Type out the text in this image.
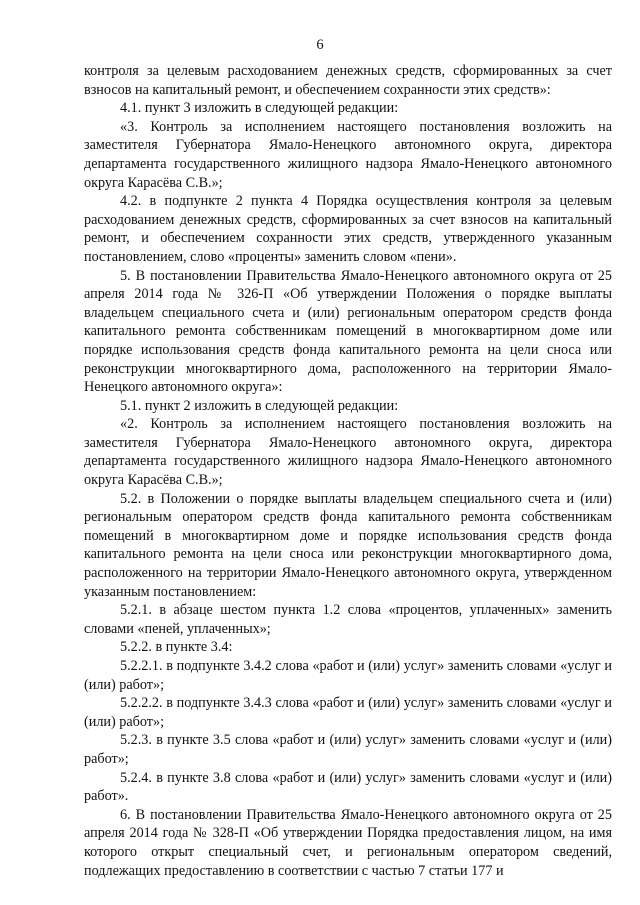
6

контроля за целевым расходованием денежных средств, сформированных за счет взносов на капитальный ремонт, и обеспечением сохранности этих средств»:

4.1. пункт 3 изложить в следующей редакции:

«3. Контроль за исполнением настоящего постановления возложить на заместителя Губернатора Ямало-Ненецкого автономного округа, директора департамента государственного жилищного надзора Ямало-Ненецкого автономного округа Карасёва С.В.»;

4.2. в подпункте 2 пункта 4 Порядка осуществления контроля за целевым расходованием денежных средств, сформированных за счет взносов на капитальный ремонт, и обеспечением сохранности этих средств, утвержденного указанным постановлением, слово «проценты» заменить словом «пени».

5. В постановлении Правительства Ямало-Ненецкого автономного округа от 25 апреля 2014 года № 326-П «Об утверждении Положения о порядке выплаты владельцем специального счета и (или) региональным оператором средств фонда капитального ремонта собственникам помещений в многоквартирном доме или порядке использования средств фонда капитального ремонта на цели сноса или реконструкции многоквартирного дома, расположенного на территории Ямало-Ненецкого автономного округа»:

5.1. пункт 2 изложить в следующей редакции:

«2. Контроль за исполнением настоящего постановления возложить на заместителя Губернатора Ямало-Ненецкого автономного округа, директора департамента государственного жилищного надзора Ямало-Ненецкого автономного округа Карасёва С.В.»;

5.2. в Положении о порядке выплаты владельцем специального счета и (или) региональным оператором средств фонда капитального ремонта собственникам помещений в многоквартирном доме и порядке использования средств фонда капитального ремонта на цели сноса или реконструкции многоквартирного дома, расположенного на территории Ямало-Ненецкого автономного округа, утвержденном указанным постановлением:

5.2.1. в абзаце шестом пункта 1.2 слова «процентов, уплаченных» заменить словами «пеней, уплаченных»;

5.2.2. в пункте 3.4:

5.2.2.1. в подпункте 3.4.2 слова «работ и (или) услуг» заменить словами «услуг и (или) работ»;

5.2.2.2. в подпункте 3.4.3 слова «работ и (или) услуг» заменить словами «услуг и (или) работ»;

5.2.3. в пункте 3.5 слова «работ и (или) услуг» заменить словами «услуг и (или) работ»;

5.2.4. в пункте 3.8 слова «работ и (или) услуг» заменить словами «услуг и (или) работ».

6. В постановлении Правительства Ямало-Ненецкого автономного округа от 25 апреля 2014 года № 328-П «Об утверждении Порядка предоставления лицом, на имя которого открыт специальный счет, и региональным оператором сведений, подлежащих предоставлению в соответствии с частью 7 статьи 177 и
